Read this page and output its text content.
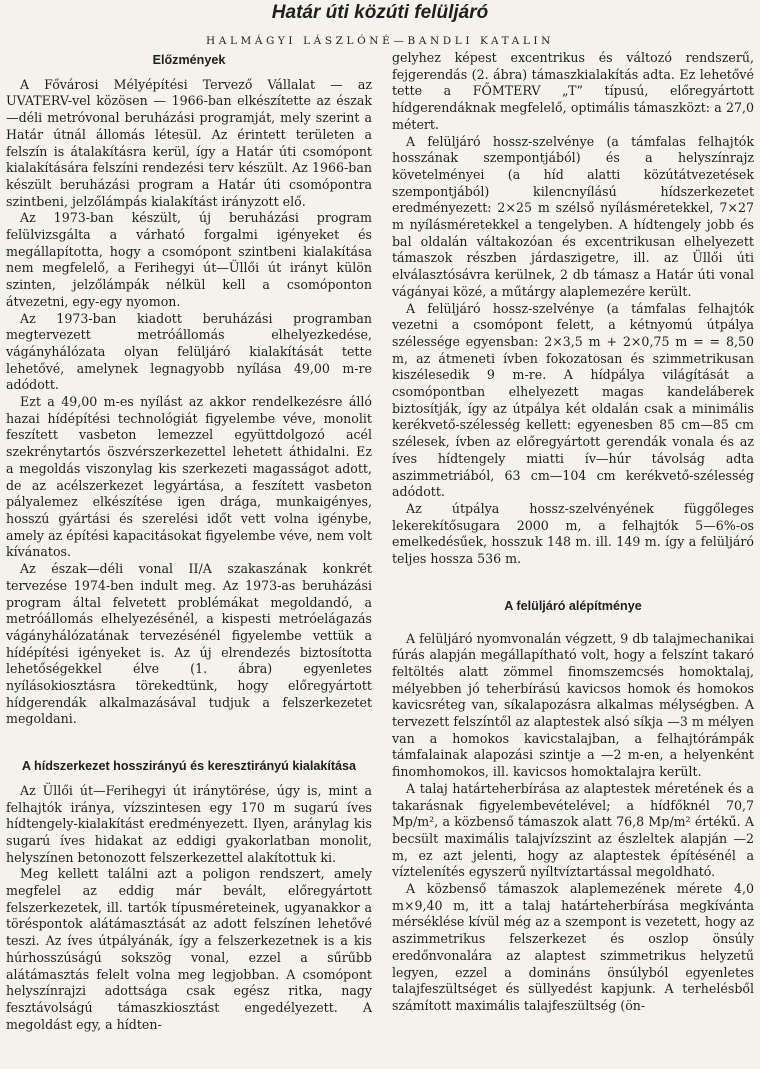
Határ úti közúti felüljáró
HALMÁGYI LÁSZLÓNÉ—BANDLI KATALIN
Előzmények

A Fővárosi Mélyépítési Tervező Vállalat — az UVATERV-vel közösen — 1966-ban elkészítette az észak—déli metróvonal beruházási programját, mely szerint a Határ útnál állomás létesül. Az érintett területen a felszín is átalakításra kerül, így a Határ úti csomópont kialakítására felszíni rendezési terv készült. Az 1966-ban készült beruházási program a Határ úti csomópontra szintbeni, jelzőlámpás kialakítást irányzott elő.

Az 1973-ban készült, új beruházási program felülvizsgálta a várható forgalmi igényeket és megállapította, hogy a csomópont szintbeni kialakítása nem megfelelő, a Ferihegyi út—Üllői út irányt külön szinten, jelzőlámpák nélkül kell a csomóponton átvezetni, egy-egy nyomon.

Az 1973-ban kiadott beruházási programban megtervezett metróállomás elhelyezkedése, vágányhálózata olyan felüljáró kialakítását tette lehetővé, amelynek legnagyobb nyílása 49,00 m-re adódott.

Ezt a 49,00 m-es nyílást az akkor rendelkezésre álló hazai hídépítési technológiát figyelembe véve, monolit feszített vasbeton lemezzel együttdolgozó acél szekrénytartós öszvérszerkezettel lehetett áthidalni. Ez a megoldás viszonylag kis szerkezeti magasságot adott, de az acélszerkezet legyártása, a feszített vasbeton pályalemez elkészítése igen drága, munkaigényes, hosszú gyártási és szerelési időt vett volna igénybe, amely az építési kapacitásokat figyelembe véve, nem volt kívánatos.

Az észak—déli vonal II/A szakaszának konkrét tervezése 1974-ben indult meg. Az 1973-as beruházási program által felvetett problémákat megoldandó, a metróállomás elhelyezésénél, a kispesti metróelágazás vágányhálózatának tervezésénél figyelembe vettük a hídépítési igényeket is. Az új elrendezés biztosította lehetőségekkel élve (1. ábra) egyenletes nyílásokiosztásra törekedtünk, hogy előregyártott hídgerendák alkalmazásával tudjuk a felszerkezetet megoldani.

A hídszerkezet hosszirányú és keresztirányú kialakítása

Az Üllői út—Ferihegyi út iránytörése, úgy is, mint a felhajtók iránya, vízszintesen egy 170 m sugarú íves hídtengely-kialakítást eredményezett. Ilyen, aránylag kis sugarú íves hidakat az eddigi gyakorlatban monolit, helyszínen betonozott felszerkezettel alakítottuk ki.

Meg kellett találni azt a poligon rendszert, amely megfelel az eddig már bevált, előregyártott felszerkezetek, ill. tartók típusméreteinek, ugyanakkor a töréspontok alátámasztását az adott felszínen lehetővé teszi. Az íves útpályánák, így a felszerkezetnek is a kis húrhosszúságú sokszög vonal, ezzel a sűrűbb alátámasztás felelt volna meg legjobban. A csomópont helyszínrajzi adottsága csak egész ritka, nagy fesztávolságú támaszkiosztást engedélyezett. A megoldást egy, a hídten-

gelyhez képest excentrikus és változó rendszerű, fejgerendás (2. ábra) támaszkialakítás adta. Ez lehetővé tette a FŐMTERV „T” típusú, előregyártott hídgerendáknak megfelelő, optimális támaszközt: a 27,0 métert.

A felüljáró hossz-szelvénye (a támfalas felhajtók hosszának szempontjából) és a helyszínrajz követelményei (a híd alatti közútátvezetések szempontjából) kilencnyílású hídszerkezetet eredményezett: 2×25 m szélső nyílásméretekkel, 7×27 m nyílásméretekkel a tengelyben. A hídtengely jobb és bal oldalán váltakozóan és excentrikusan elhelyezett támaszok részben járdaszigetre, ill. az Üllői úti elválasztósávra kerülnek, 2 db támasz a Határ úti vonal vágányai közé, a műtárgy alaplemezére került.

A felüljáró hossz-szelvénye (a támfalas felhajtók vezetni a csomópont felett, a kétnyomú útpálya szélessége egyensban: 2×3,5 m + 2×0,75 m = = 8,50 m, az átmeneti ívben fokozatosan és szimmetrikusan kiszélesedik 9 m-re. A hídpálya világítását a csomópontban elhelyezett magas kandeláberek biztosítják, így az útpálya két oldalán csak a minimális kerékvető-szélesség kellett: egyenesben 85 cm—85 cm szélesek, ívben az előregyártott gerendák vonala és az íves hídtengely miatti ív—húr távolság adta aszimmetriából, 63 cm—104 cm kerékvető-szélesség adódott.

Az útpálya hossz-szelvényének függőleges lekerekítősugara 2000 m, a felhajtók 5—6%-os emelkedésűek, hosszuk 148 m. ill. 149 m. így a felüljáró teljes hossza 536 m.

A felüljáró alépítménye

A felüljáró nyomvonalán végzett, 9 db talajmechanikai fúrás alapján megállapítható volt, hogy a felszínt takaró feltöltés alatt zömmel finomszemcsés homoktalaj, mélyebben jó teherbírású kavicsos homok és homokos kavicsréteg van, síkalapozásra alkalmas mélységben. A tervezett felszíntől az alaptestek alsó síkja —3 m mélyen van a homokos kavicstalajban, a felhajtórámpák támfalainak alapozási szintje a —2 m-en, a helyenként finomhomokos, ill. kavicsos homoktalajra került.

A talaj határteherbírása az alaptestek méretének és a takarásnak figyelembevételével; a hídfőknél 70,7 Mp/m², a közbenső támaszok alatt 76,8 Mp/m² értékű. A becsült maximális talajvízszint az észleltek alapján —2 m, ez azt jelenti, hogy az alaptestek építésénél a víztelenítés egyszerű nyíltvíztartással megoldható.

A közbenső támaszok alaplemezének mérete 4,0 m×9,40 m, itt a talaj határteherbírása megkívánta mérséklése kívül még az a szempont is vezetett, hogy az aszimmetrikus felszerkezet és oszlop önsúly eredőnvonalára az alaptest szimmetrikus helyzetű legyen, ezzel a domináns önsúlyból egyenletes talajfeszültséget és süllyedést kapjunk. A terhelésből számított maximális talajfeszültség (ön-
